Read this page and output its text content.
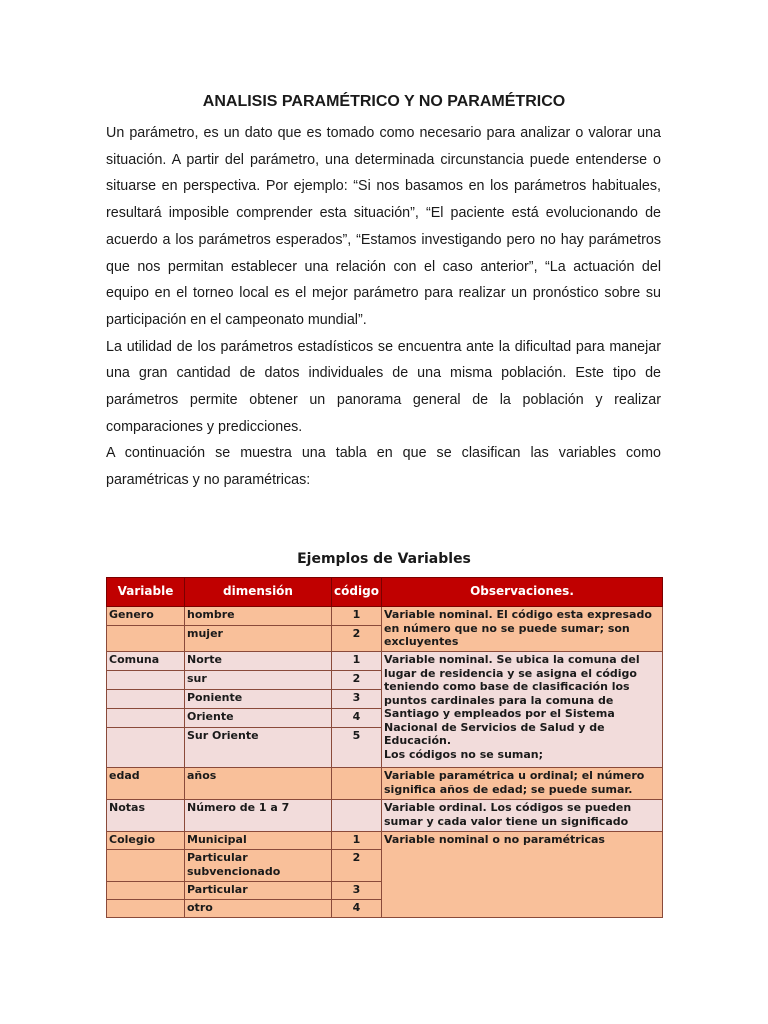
ANALISIS PARAMÉTRICO Y NO PARAMÉTRICO

Un parámetro, es un dato que es tomado como necesario para analizar o valorar una situación. A partir del parámetro, una determinada circunstancia puede entenderse o situarse en perspectiva. Por ejemplo: “Si nos basamos en los parámetros habituales, resultará imposible comprender esta situación”, “El paciente está evolucionando de acuerdo a los parámetros esperados”, “Estamos investigando pero no hay parámetros que nos permitan establecer una relación con el caso anterior”, “La actuación del equipo en el torneo local es el mejor parámetro para realizar un pronóstico sobre su participación en el campeonato mundial”.

La utilidad de los parámetros estadísticos se encuentra ante la dificultad para manejar una gran cantidad de datos individuales de una misma población. Este tipo de parámetros permite obtener un panorama general de la población y realizar comparaciones y predicciones.

A continuación se muestra una tabla en que se clasifican las variables como paramétricas y no paramétricas:

Ejemplos de Variables
Variable	dimensión	código	Observaciones.
Genero	hombre	1	Variable nominal. El código esta expresado en número que no se puede sumar; son excluyentes
	mujer	2	
Comuna	Norte	1	Variable nominal. Se ubica la comuna del lugar de residencia y se asigna el código teniendo como base de clasificación los puntos cardinales para la comuna de Santiago y empleados por el Sistema Nacional de Servicios de Salud y de Educación.
Los códigos no se suman;
	sur	2	
	Poniente	3	
	Oriente	4	
	Sur Oriente	5	
edad	años		Variable paramétrica u ordinal; el número significa años de edad; se puede sumar.
Notas	Número de 1 a 7		Variable ordinal. Los códigos se pueden sumar y cada valor tiene un significado
Colegio	Municipal	1	Variable nominal o no paramétricas
	Particular subvencionado	2	
	Particular	3	
	otro	4	
